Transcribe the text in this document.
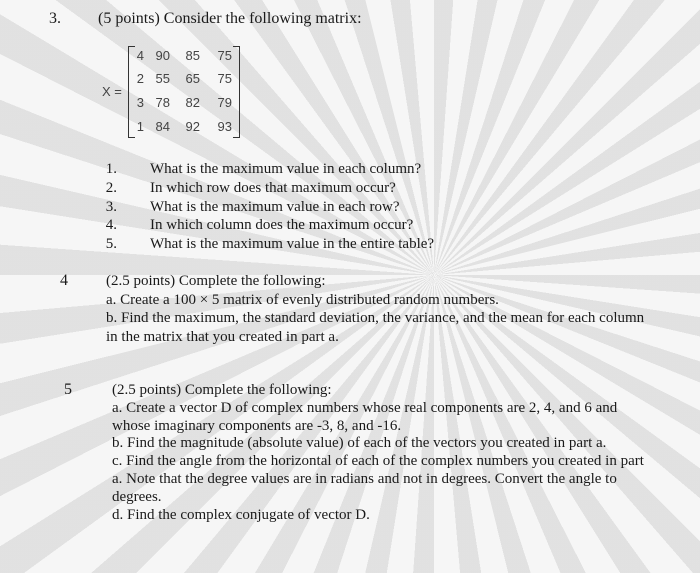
3. (5 points) Consider the following matrix:
X =
4 90	85	75
2 55	65	75
3 78	82	79
1 84	92	93
1. What is the maximum value in each column?
2. In which row does that maximum occur?
3. What is the maximum value in each row?
4. In which column does the maximum occur?
5. What is the maximum value in the entire table?
4	(2.5 points) Complete the following:
a. Create a 100 × 5 matrix of evenly distributed random numbers.
b. Find the maximum, the standard deviation, the variance, and the mean for each column
in the matrix that you created in part a.
5	(2.5 points) Complete the following:
a. Create a vector D of complex numbers whose real components are 2, 4, and 6 and
whose imaginary components are -3, 8, and -16.
b. Find the magnitude (absolute value) of each of the vectors you created in part a.
c. Find the angle from the horizontal of each of the complex numbers you created in part
a. Note that the degree values are in radians and not in degrees. Convert the angle to
degrees.
d. Find the complex conjugate of vector D.
